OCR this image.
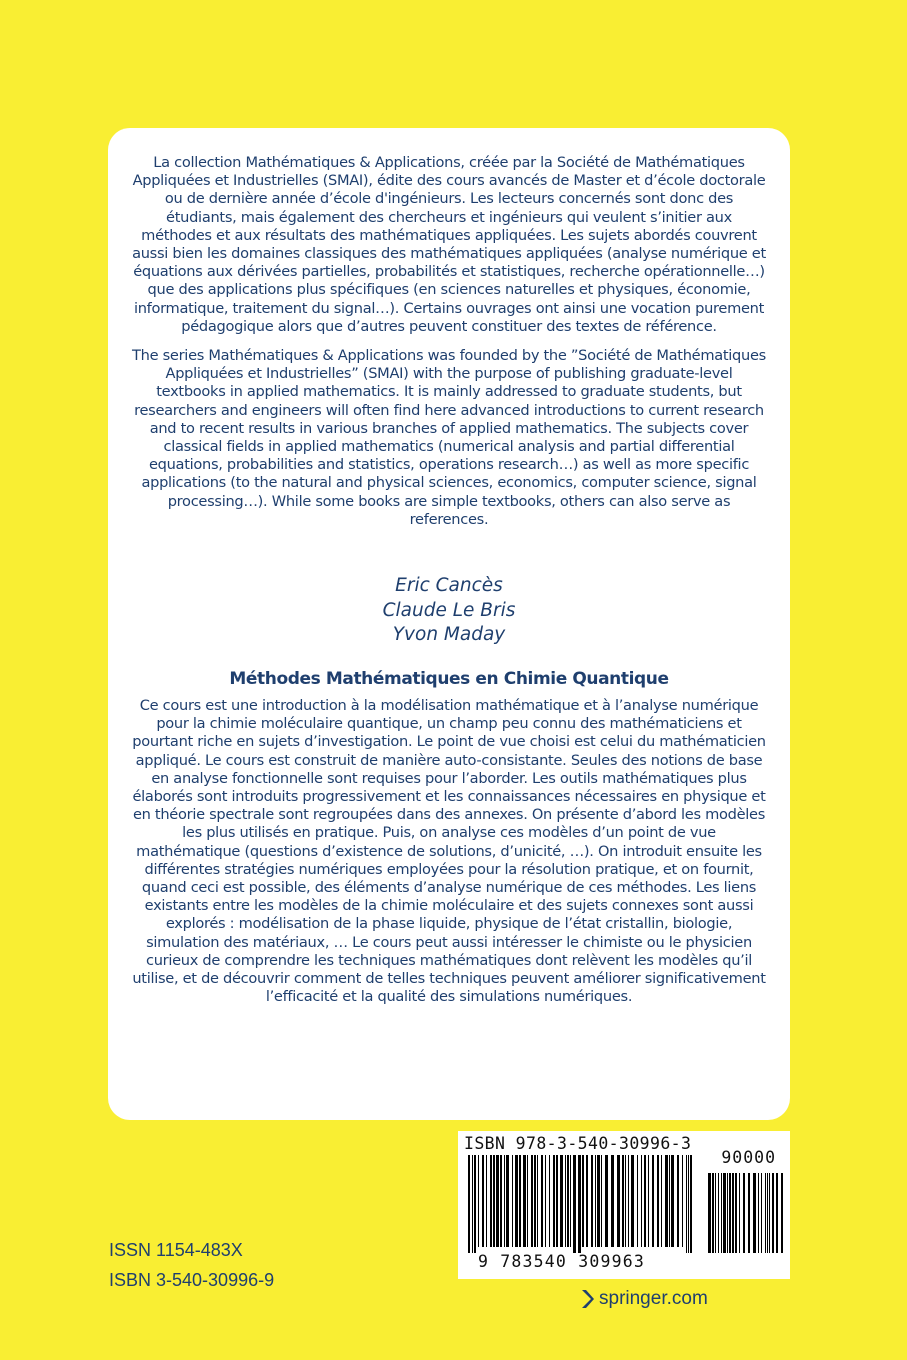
La collection Mathématiques & Applications, créée par la Société de Mathématiques Appliquées et Industrielles (SMAI), édite des cours avancés de Master et d’école doctorale ou de dernière année d’école d'ingénieurs. Les lecteurs concernés sont donc des étudiants, mais également des chercheurs et ingénieurs qui veulent s’initier aux méthodes et aux résultats des mathématiques appliquées. Les sujets abordés couvrent aussi bien les domaines classiques des mathématiques appliquées (analyse numérique et équations aux dérivées partielles, probabilités et statistiques, recherche opérationnelle…) que des applications plus spécifiques (en sciences naturelles et physiques, économie, informatique, traitement du signal…). Certains ouvrages ont ainsi une vocation purement pédagogique alors que d’autres peuvent constituer des textes de référence.
The series Mathématiques & Applications was founded by the ”Société de Mathématiques Appliquées et Industrielles” (SMAI) with the purpose of publishing graduate-level textbooks in applied mathematics. It is mainly addressed to graduate students, but researchers and engineers will often find here advanced introductions to current research and to recent results in various branches of applied mathematics. The subjects cover classical fields in applied mathematics (numerical analysis and partial differential equations, probabilities and statistics, operations research…) as well as more specific applications (to the natural and physical sciences, economics, computer science, signal processing…). While some books are simple textbooks, others can also serve as references.
Eric Cancès
Claude Le Bris
Yvon Maday
Méthodes Mathématiques en Chimie Quantique
Ce cours est une introduction à la modélisation mathématique et à l’analyse numérique pour la chimie moléculaire quantique, un champ peu connu des mathématiciens et pourtant riche en sujets d’investigation. Le point de vue choisi est celui du mathématicien appliqué. Le cours est construit de manière auto-consistante. Seules des notions de base en analyse fonctionnelle sont requises pour l’aborder. Les outils mathématiques plus élaborés sont introduits progressivement et les connaissances nécessaires en physique et en théorie spectrale sont regroupées dans des annexes. On présente d’abord les modèles les plus utilisés en pratique. Puis, on analyse ces modèles d’un point de vue mathématique (questions d’existence de solutions, d’unicité, …). On introduit ensuite les différentes stratégies numériques employées pour la résolution pratique, et on fournit, quand ceci est possible, des éléments d’analyse numérique de ces méthodes. Les liens existants entre les modèles de la chimie moléculaire et des sujets connexes sont aussi explorés : modélisation de la phase liquide, physique de l’état cristallin, biologie, simulation des matériaux, … Le cours peut aussi intéresser le chimiste ou le physicien curieux de comprendre les techniques mathématiques dont relèvent les modèles qu’il utilise, et de découvrir comment de telles techniques peuvent améliorer significativement l’efficacité et la qualité des simulations numériques.
ISBN 978-3-540-30996-3
90000
9 783540 309963
ISSN 1154-483X
ISBN 3-540-30996-9
springer.com
